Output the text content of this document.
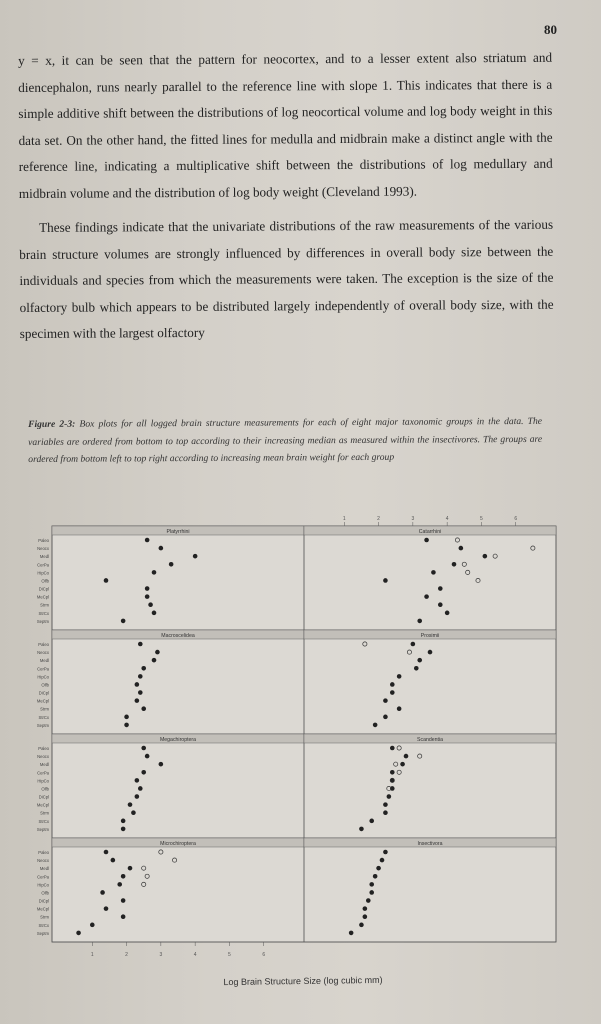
80

y = x, it can be seen that the pattern for neocortex, and to a lesser extent also striatum and diencephalon, runs nearly parallel to the reference line with slope 1. This indicates that there is a simple additive shift between the distributions of log neocortical volume and log body weight in this data set. On the other hand, the fitted lines for medulla and midbrain make a distinct angle with the reference line, indicating a multiplicative shift between the distributions of log medullary and midbrain volume and the distribution of log body weight (Cleveland 1993).

These findings indicate that the univariate distributions of the raw measurements of the various brain structure volumes are strongly influenced by differences in overall body size between the individuals and species from which the measurements were taken. The exception is the size of the olfactory bulb which appears to be distributed largely independently of overall body size, with the specimen with the largest olfactory

Figure 2-3: Box plots for all logged brain structure measurements for each of eight major taxonomic groups in the data. The variables are ordered from bottom to top according to their increasing median as measured within the insectivores. The groups are ordered from bottom left to top right according to increasing mean brain weight for each group
1
1
2
2
3
3
4
4
5
5
6
6
Platyrrhini
Paleo
Neocx
Medl
CerPa
HipCo
Olfb
DiCpl
MeCpl
Strm
StrCx
Septm
Catarrhini
Macroscelidea
Paleo
Neocx
Medl
CerPa
HipCo
Olfb
DiCpl
MeCpl
Strm
StrCx
Septm
Prosimii
Megachiroptera
Paleo
Neocx
Medl
CerPa
HipCo
Olfb
DiCpl
MeCpl
Strm
StrCx
Septm
Scandentia
Microchiroptera
Paleo
Neocx
Medl
CerPa
HipCo
Olfb
DiCpl
MeCpl
Strm
StrCx
Septm
Insectivora
Log Brain Structure Size (log cubic mm)
